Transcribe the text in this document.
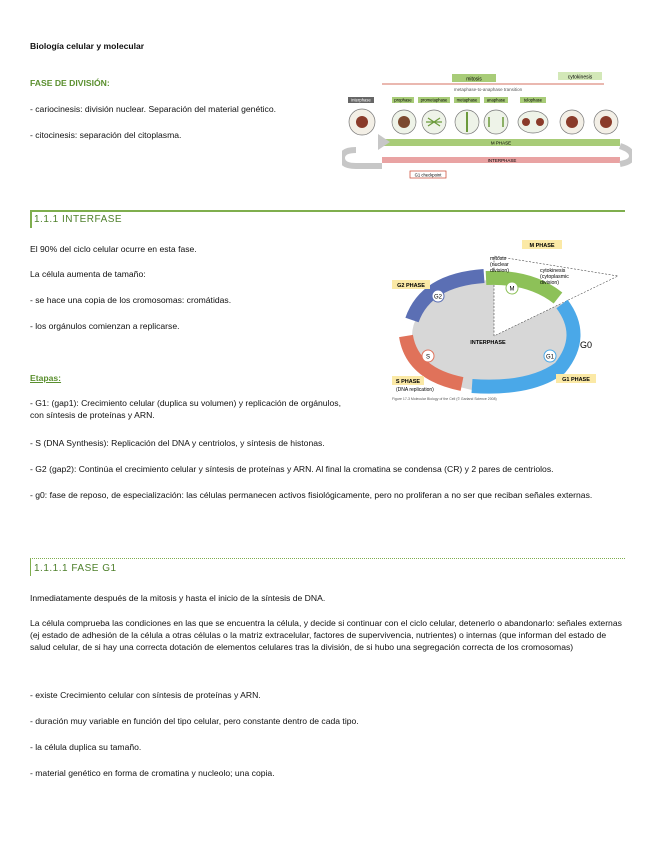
Biología celular y molecular
FASE DE DIVISIÓN:
- cariocinesis: división nuclear. Separación del material genético.
- citocinesis: separación del citoplasma.
mitosis	cytokinesis
metaphase-to-anaphase transition
interphase	prophase prometaphase metaphase anaphase	telophase
M PHASE
INTERPHASE
G1 checkpoint
1.1.1 INTERFASE
El 90% del ciclo celular ocurre en esta fase.
La célula aumenta de tamaño:
- se hace una copia de los cromosomas: cromátidas.
- los orgánulos comienzan a replicarse.
Etapas:
- G1: (gap1): Crecimiento celular (duplica su volumen) y replicación de orgánulos, con síntesis de proteínas y ARN.
- S (DNA Synthesis): Replicación del DNA y centriolos, y síntesis de histonas.
- G2 (gap2): Continúa el crecimiento celular y síntesis de proteínas y ARN. Al final la cromatina se condensa (CR) y 2 pares de centriolos.
- g0: fase de reposo, de especialización: las células permanecen activos fisiológicamente, pero no proliferan a no ser que reciban señales externas.
G2
M
G1
S
M PHASE
mitosis (nuclear division)	cytokinesis (cytoplasmic division)
G2 PHASE
INTERPHASE	G0
G1 PHASE
S PHASE
(DNA replication)
Figure 17-3 Molecular Biology of the Cell (© Garland Science 2008)
1.1.1.1 FASE G1
Inmediatamente después de la mitosis y hasta el inicio de la síntesis de DNA.
La célula comprueba las condiciones en las que se encuentra la célula, y decide si continuar con el ciclo celular, detenerlo o abandonarlo: señales externas (ej estado de adhesión de la célula a otras células o la matriz extracelular, factores de supervivencia, nutrientes) o internas (que informan del estado de salud celular, de si hay una correcta dotación de elementos celulares tras la división, de si hubo una segregación correcta de los cromosomas)
- existe Crecimiento celular con síntesis de proteínas y ARN.
- duración muy variable en función del tipo celular, pero constante dentro de cada tipo.
- la célula duplica su tamaño.
- material genético en forma de cromatina y nucleolo; una copia.
